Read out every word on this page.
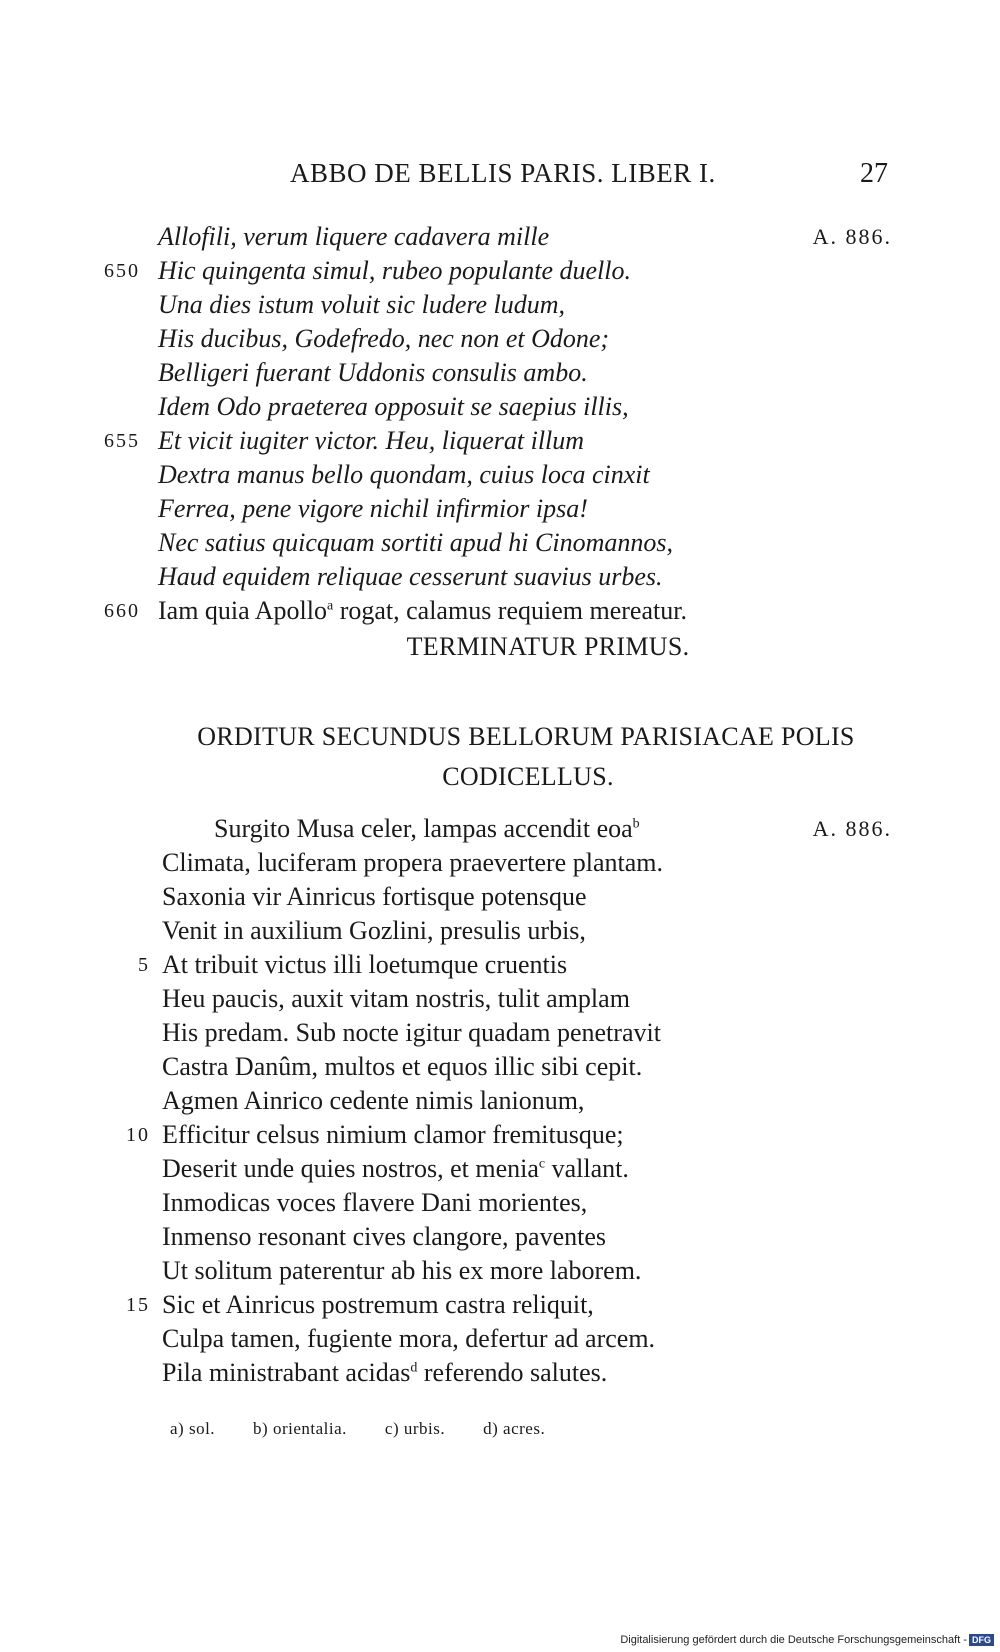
ABBO DE BELLIS PARIS. LIBER I.	27
Allofili, verum liquere cadavera mille	A. 886.
650 Hic quingenta simul, rubeo populante duello.
Una dies istum voluit sic ludere ludum,
His ducibus, Godefredo, nec non et Odone;
Belligeri fuerant Uddonis consulis ambo.
Idem Odo praeterea opposuit se saepius illis,
655 Et vicit iugiter victor. Heu, liquerat illum
Dextra manus bello quondam, cuius loca cinxit
Ferrea, pene vigore nichil infirmior ipsa!
Nec satius quicquam sortiti apud hi Cinomannos,
Haud equidem reliquae cesserunt suavius urbes.
660 Iam quia Apollo$^a$ rogat, calamus requiem mereatur.
TERMINATUR PRIMUS.
ORDITUR SECUNDUS BELLORUM PARISIACAE POLIS
CODICELLUS.
Surgito Musa celer, lampas accendit eoa$^b$	A. 886.
Climata, luciferam propera praevertere plantam.
Saxonia vir Ainricus fortisque potensque
Venit in auxilium Gozlini, presulis urbis,
5 At tribuit victus illi loetumque cruentis
Heu paucis, auxit vitam nostris, tulit amplam
His predam. Sub nocte igitur quadam penetravit
Castra Danûm, multos et equos illic sibi cepit.
Agmen Ainrico cedente nimis lanionum,
10 Efficitur celsus nimium clamor fremitusque;
Deserit unde quies nostros, et menia$^c$ vallant.
Inmodicas voces flavere Dani morientes,
Inmenso resonant cives clangore, paventes
Ut solitum paterentur ab his ex more laborem.
15 Sic et Ainricus postremum castra reliquit,
Culpa tamen, fugiente mora, defertur ad arcem.
Pila ministrabant acidas$^d$ referendo salutes.
a) sol. b) orientalia. c) urbis. d) acres.
Digitalisierung gefördert durch die Deutsche Forschungsgemeinschaft - DFG
